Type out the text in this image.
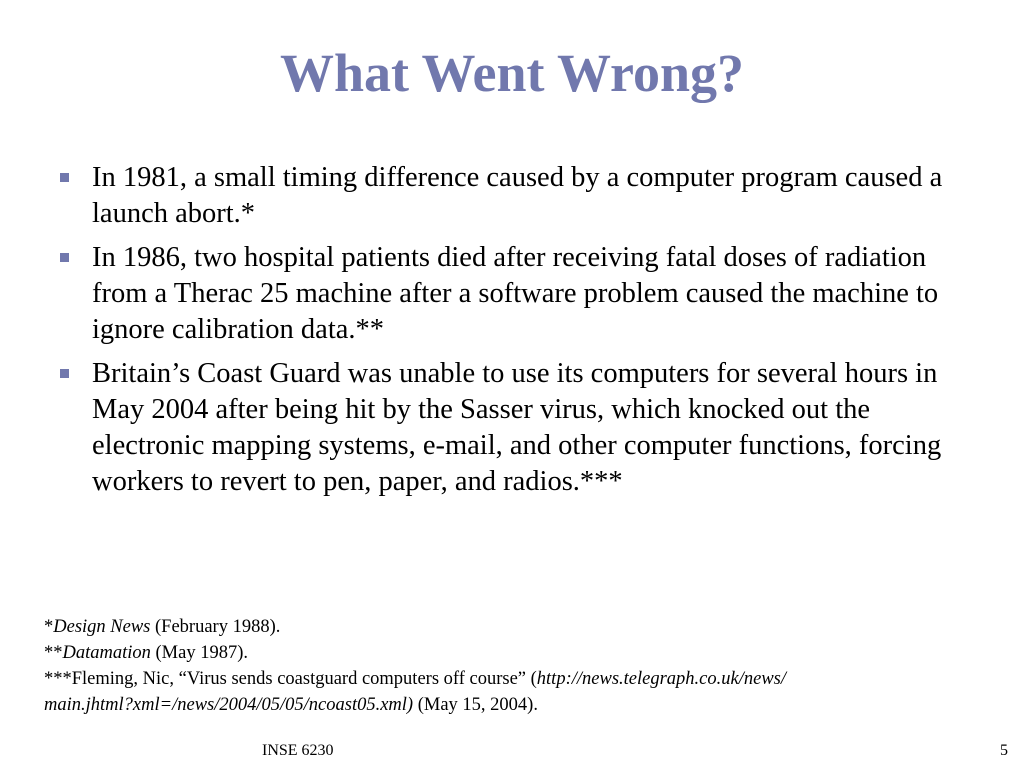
What Went Wrong?
In 1981, a small timing difference caused by a computer program caused a launch abort.*
In 1986, two hospital patients died after receiving fatal doses of radiation from a Therac 25 machine after a software problem caused the machine to ignore calibration data.**
Britain’s Coast Guard was unable to use its computers for several hours in May 2004 after being hit by the Sasser virus, which knocked out the electronic mapping systems, e-mail, and other computer functions, forcing workers to revert to pen, paper, and radios.***
*Design News (February 1988).
**Datamation (May 1987).
***Fleming, Nic, “Virus sends coastguard computers off course” (http://news.telegraph.co.uk/news/
main.jhtml?xml=/news/2004/05/05/ncoast05.xml) (May 15, 2004).
INSE 6230	5
